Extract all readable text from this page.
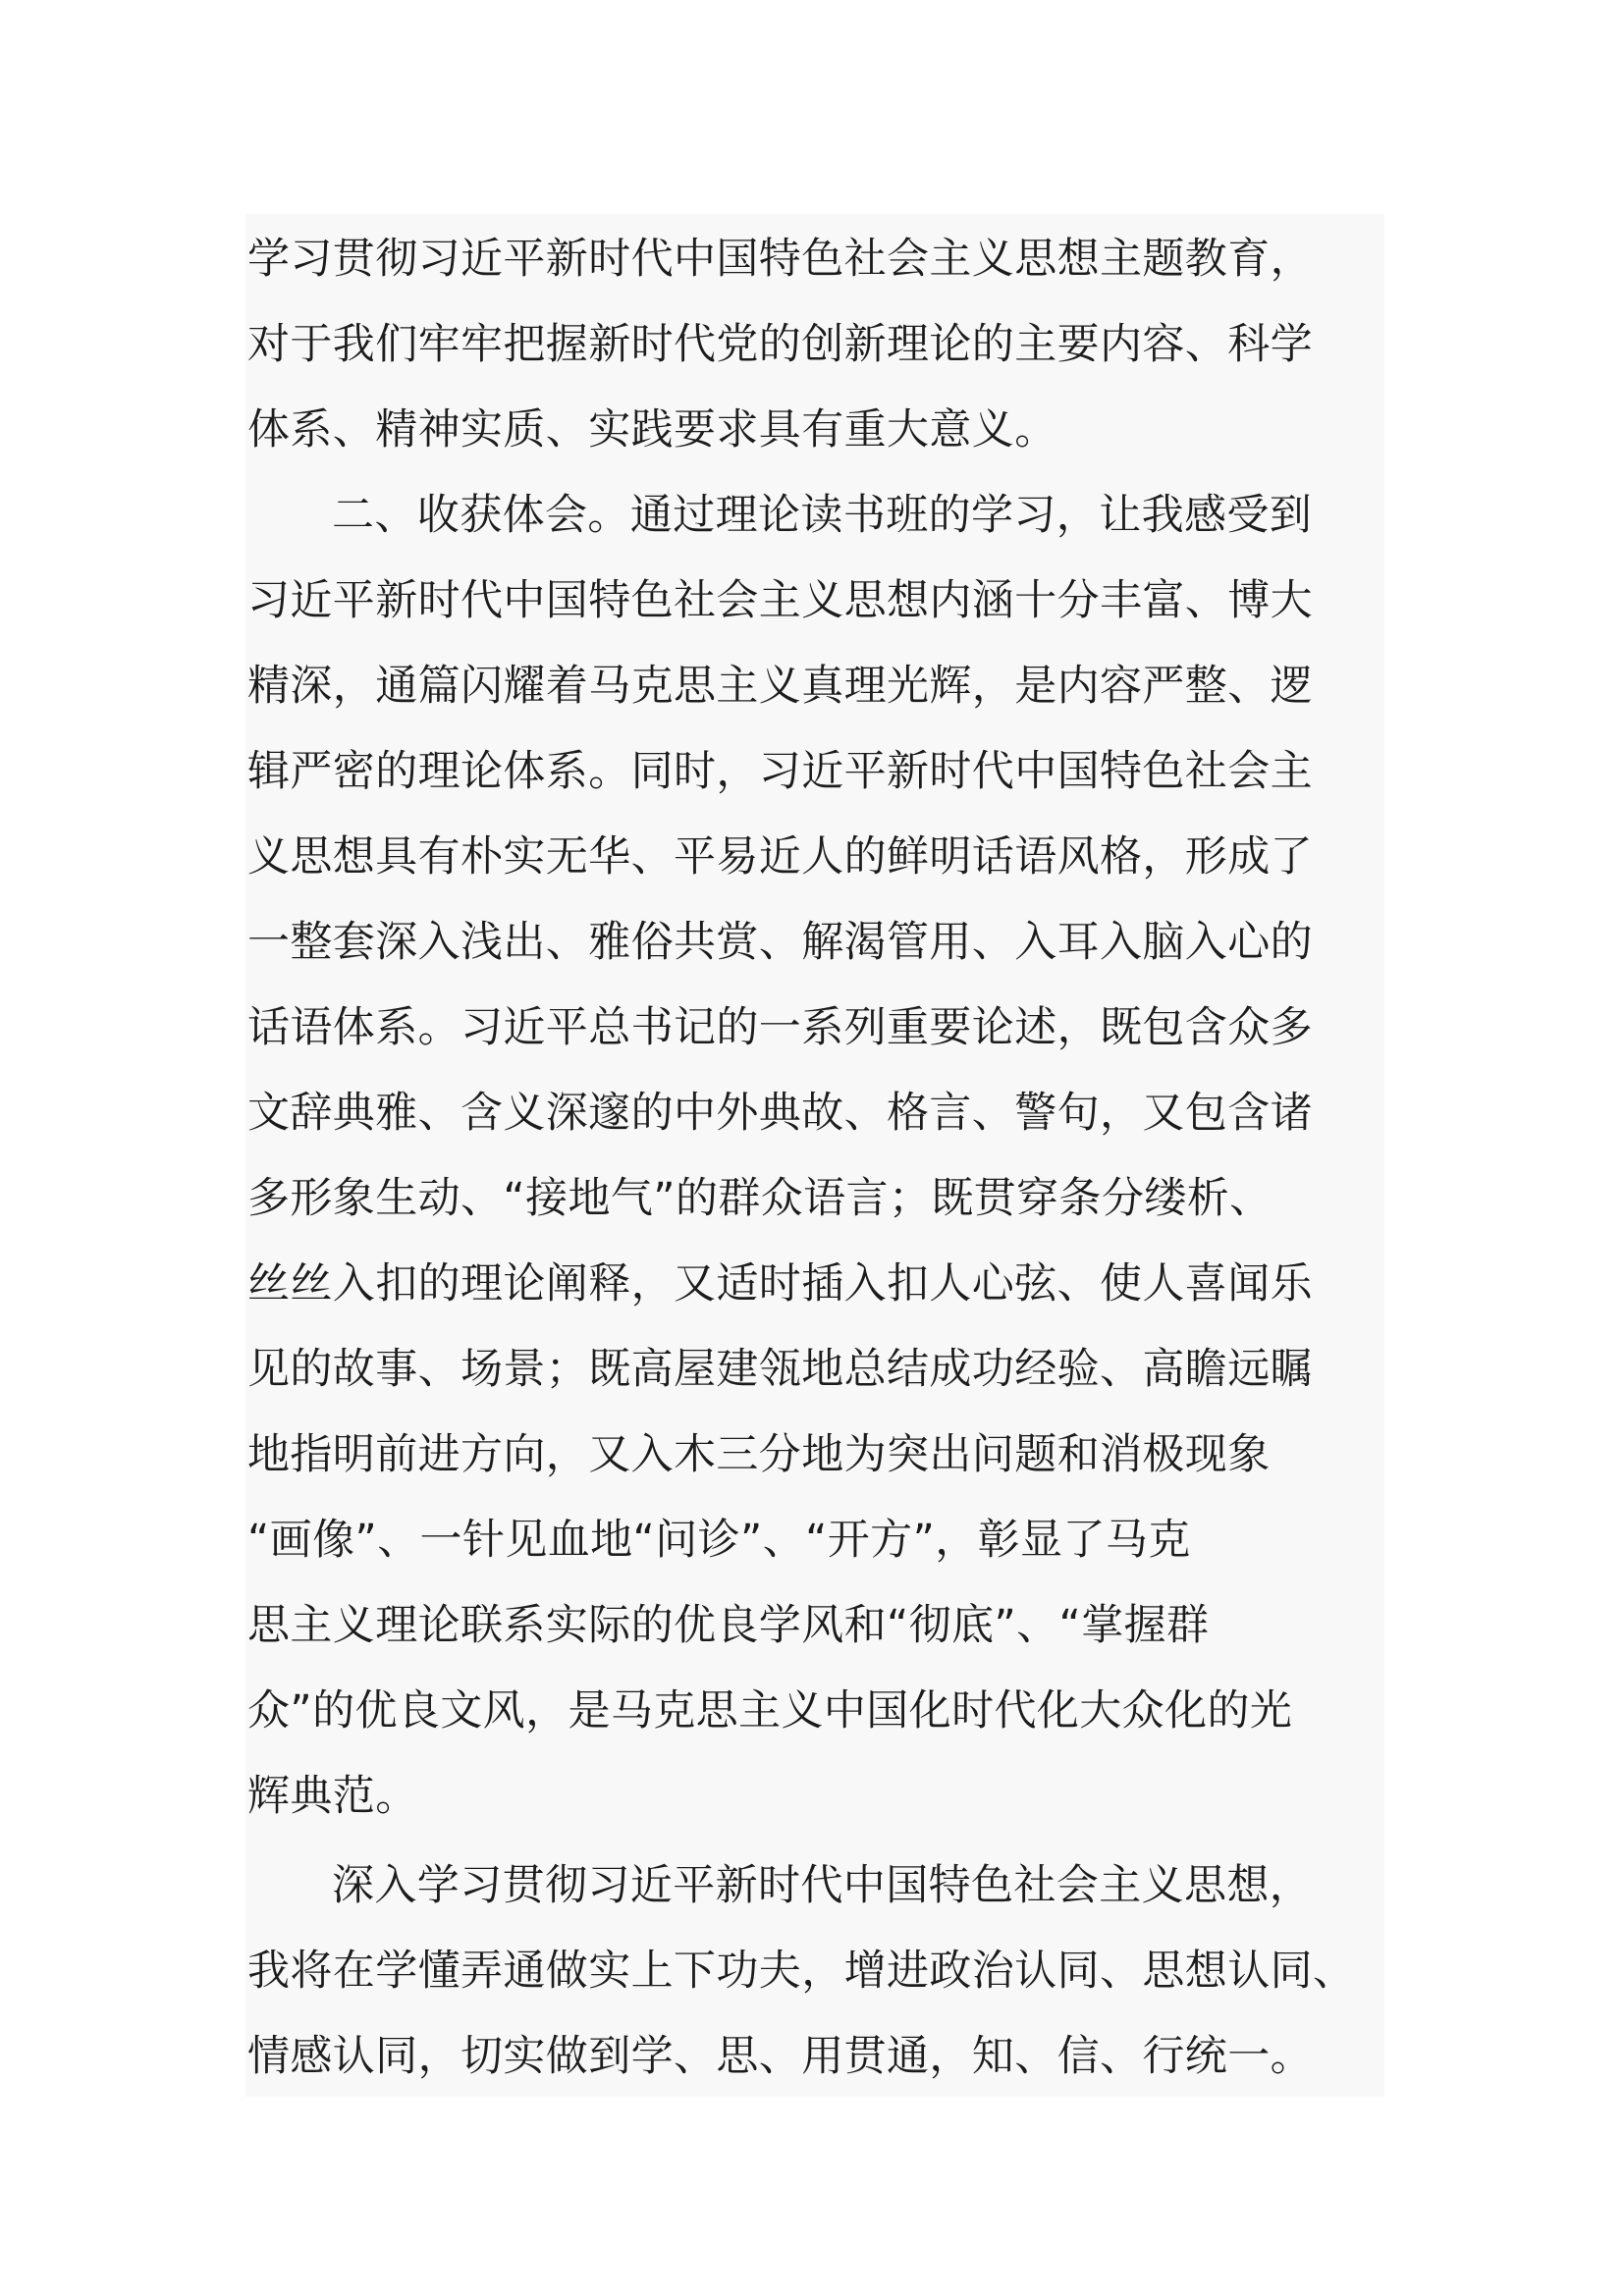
学习贯彻习近平新时代中国特色社会主义思想主题教育，
对于我们牢牢把握新时代党的创新理论的主要内容、科学
体系、精神实质、实践要求具有重大意义。
二、收获体会。通过理论读书班的学习，让我感受到
习近平新时代中国特色社会主义思想内涵十分丰富、博大
精深，通篇闪耀着马克思主义真理光辉，是内容严整、逻
辑严密的理论体系。同时，习近平新时代中国特色社会主
义思想具有朴实无华、平易近人的鲜明话语风格，形成了
一整套深入浅出、雅俗共赏、解渴管用、入耳入脑入心的
话语体系。习近平总书记的一系列重要论述，既包含众多
文辞典雅、含义深邃的中外典故、格言、警句，又包含诸
多形象生动、“接地气”的群众语言；既贯穿条分缕析、
丝丝入扣的理论阐释，又适时插入扣人心弦、使人喜闻乐
见的故事、场景；既高屋建瓴地总结成功经验、高瞻远瞩
地指明前进方向，又入木三分地为突出问题和消极现象
“画像”、一针见血地“问诊”、“开方”，彰显了马克
思主义理论联系实际的优良学风和“彻底”、“掌握群
众”的优良文风，是马克思主义中国化时代化大众化的光
辉典范。
深入学习贯彻习近平新时代中国特色社会主义思想，
我将在学懂弄通做实上下功夫，增进政治认同、思想认同、
情感认同，切实做到学、思、用贯通，知、信、行统一。
